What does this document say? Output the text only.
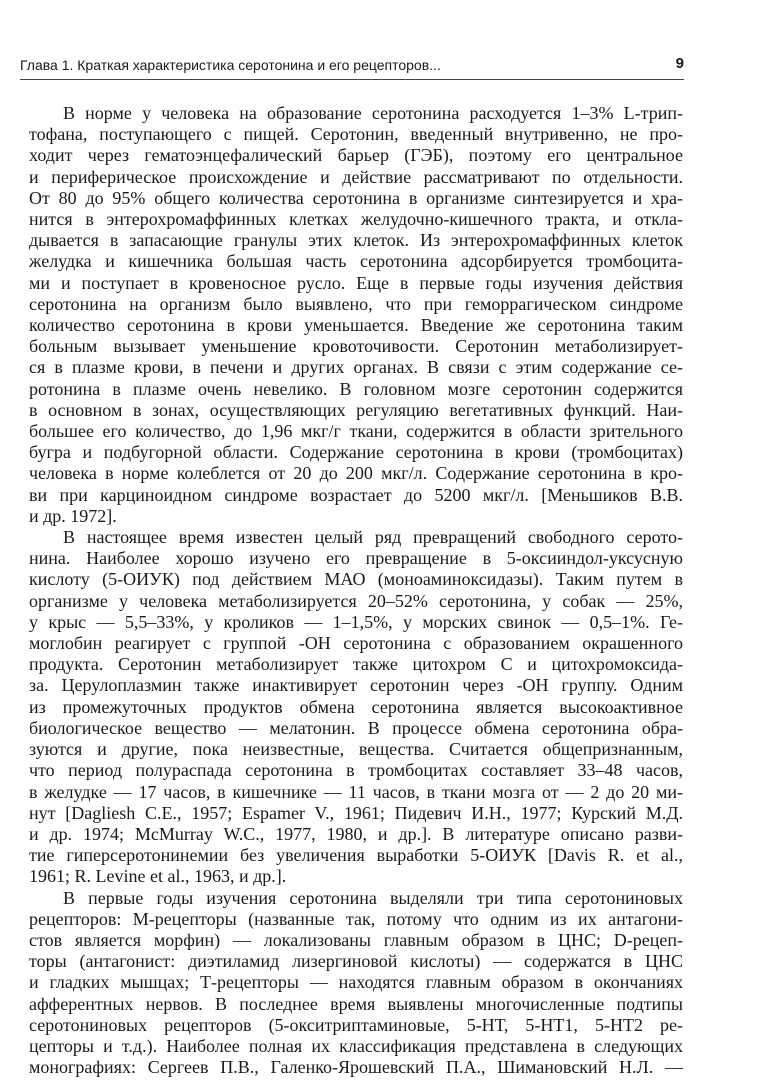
Глава 1. Краткая характеристика серотонина и его рецепторов...	9
В норме у человека на образование серотонина расходуется 1–3% L-трип-
тофана, поступающего с пищей. Серотонин, введенный внутривенно, не про-
ходит через гематоэнцефалический барьер (ГЭБ), поэтому его центральное
и периферическое происхождение и действие рассматривают по отдельности.
От 80 до 95% общего количества серотонина в организме синтезируется и хра-
нится в энтерохромаффинных клетках желудочно-кишечного тракта, и откла-
дывается в запасающие гранулы этих клеток. Из энтерохромаффинных клеток
желудка и кишечника большая часть серотонина адсорбируется тромбоцита-
ми и поступает в кровеносное русло. Еще в первые годы изучения действия
серотонина на организм было выявлено, что при геморрагическом синдроме
количество серотонина в крови уменьшается. Введение же серотонина таким
больным вызывает уменьшение кровоточивости. Серотонин метаболизирует-
ся в плазме крови, в печени и других органах. В связи с этим содержание се-
ротонина в плазме очень невелико. В головном мозге серотонин содержится
в основном в зонах, осуществляющих регуляцию вегетативных функций. Наи-
большее его количество, до 1,96 мкг/г ткани, содержится в области зрительного
бугра и подбугорной области. Содержание серотонина в крови (тромбоцитах)
человека в норме колеблется от 20 до 200 мкг/л. Содержание серотонина в кро-
ви при карциноидном синдроме возрастает до 5200 мкг/л. [Меньшиков В.В.
и др. 1972].
В настоящее время известен целый ряд превращений свободного серото-
нина. Наиболее хорошо изучено его превращение в 5-оксииндол-уксусную
кислоту (5-ОИУК) под действием МАО (моноаминоксидазы). Таким путем в
организме у человека метаболизируется 20–52% серотонина, у собак — 25%,
у крыс — 5,5–33%, у кроликов — 1–1,5%, у морских свинок — 0,5–1%. Ге-
моглобин реагирует с группой -ОН серотонина с образованием окрашенного
продукта. Серотонин метаболизирует также цитохром С и цитохромоксида-
за. Церулоплазмин также инактивирует серотонин через -ОН группу. Одним
из промежуточных продуктов обмена серотонина является высокоактивное
биологическое вещество — мелатонин. В процессе обмена серотонина обра-
зуются и другие, пока неизвестные, вещества. Считается общепризнанным,
что период полураспада серотонина в тромбоцитах составляет 33–48 часов,
в желудке — 17 часов, в кишечнике — 11 часов, в ткани мозга от — 2 до 20 ми-
нут [Dagliesh C.E., 1957; Espamer V., 1961; Пидевич И.Н., 1977; Курский М.Д.
и др. 1974; McMurray W.C., 1977, 1980, и др.]. В литературе описано разви-
тие гиперсеротонинемии без увеличения выработки 5-ОИУК [Davis R. et al.,
1961; R. Levine et al., 1963, и др.].
В первые годы изучения серотонина выделяли три типа серотониновых
рецепторов: М-рецепторы (названные так, потому что одним из их антагони-
стов является морфин) — локализованы главным образом в ЦНС; D-рецеп-
торы (антагонист: диэтиламид лизергиновой кислоты) — содержатся в ЦНС
и гладких мышцах; Т-рецепторы — находятся главным образом в окончаниях
афферентных нервов. В последнее время выявлены многочисленные подтипы
серотониновых рецепторов (5-окситриптаминовые, 5-НТ, 5-НТ1, 5-НТ2 ре-
цепторы и т.д.). Наиболее полная их классификация представлена в следующих
монографиях: Сергеев П.В., Галенко-Ярошевский П.А., Шимановский Н.Л. —
